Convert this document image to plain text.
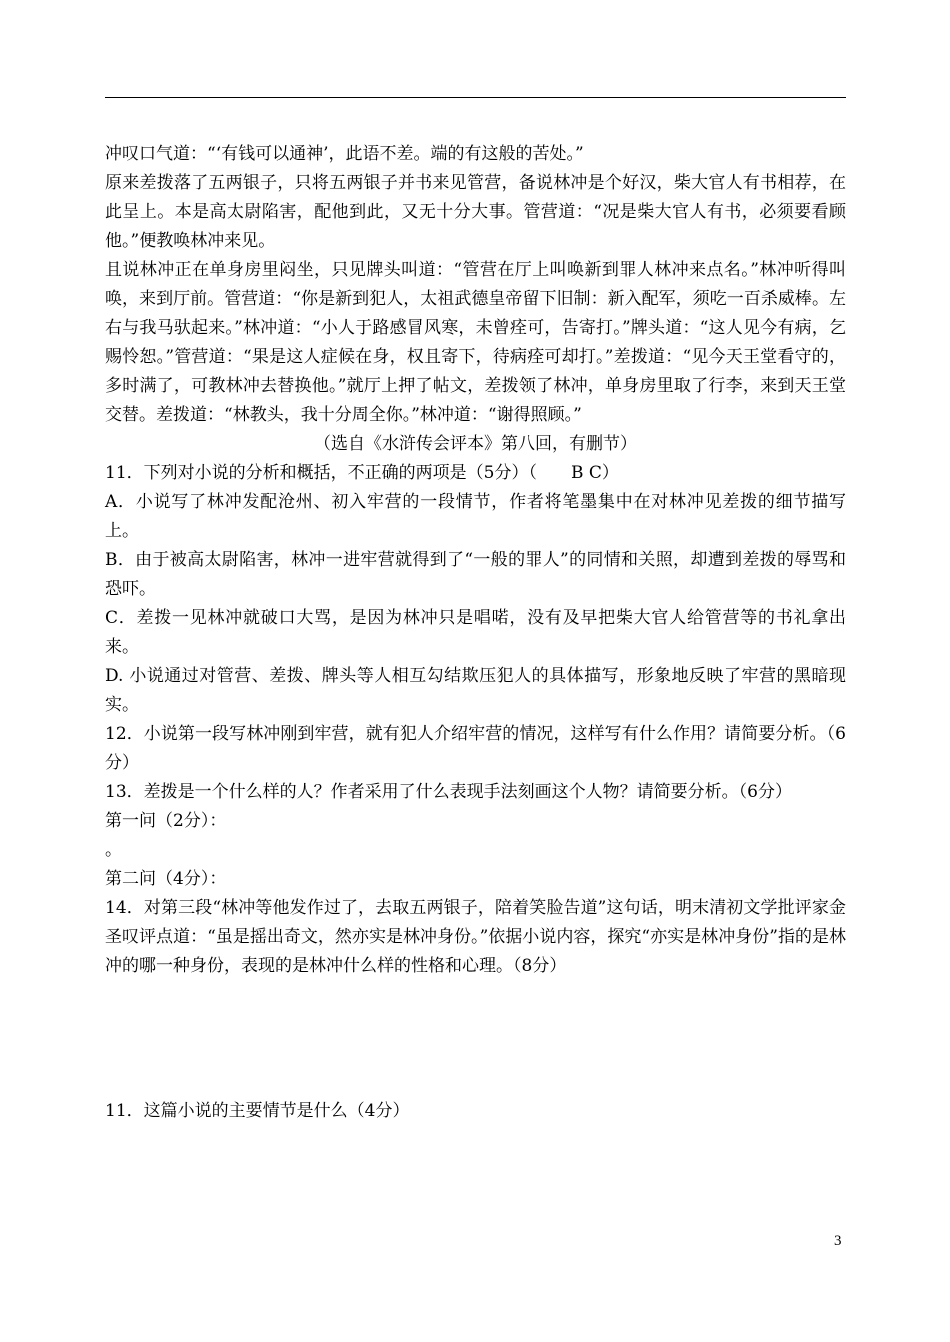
冲叹口气道：“‘有钱可以通神’，此语不差。端的有这般的苦处。”

原来差拨落了五两银子，只将五两银子并书来见管营，备说林冲是个好汉，柴大官人有书相荐，在此呈上。本是高太尉陷害，配他到此，又无十分大事。管营道：“况是柴大官人有书，必须要看顾他。”便教唤林冲来见。

且说林冲正在单身房里闷坐，只见牌头叫道：“管营在厅上叫唤新到罪人林冲来点名。”林冲听得叫唤，来到厅前。管营道：“你是新到犯人，太祖武德皇帝留下旧制：新入配军，须吃一百杀威棒。左右与我马驮起来。”林冲道：“小人于路感冒风寒，未曾痊可，告寄打。”牌头道：“这人见今有病，乞赐怜恕。”管营道：“果是这人症候在身，权且寄下，待病痊可却打。”差拨道：“见今天王堂看守的，多时满了，可教林冲去替换他。”就厅上押了帖文，差拨领了林冲，单身房里取了行李，来到天王堂交替。差拨道：“林教头，我十分周全你。”林冲道：“谢得照顾。”

（选自《水浒传会评本》第八回，有删节）

11．下列对小说的分析和概括，不正确的两项是（5分）（　　B C）

A．小说写了林冲发配沧州、初入牢营的一段情节，作者将笔墨集中在对林冲见差拨的细节描写上。

B．由于被高太尉陷害，林冲一进牢营就得到了“一般的罪人”的同情和关照，却遭到差拨的辱骂和恐吓。

C．差拨一见林冲就破口大骂，是因为林冲只是唱喏，没有及早把柴大官人给管营等的书礼拿出来。

D. 小说通过对管营、差拨、牌头等人相互勾结欺压犯人的具体描写，形象地反映了牢营的黑暗现实。

12．小说第一段写林冲刚到牢营，就有犯人介绍牢营的情况，这样写有什么作用？请简要分析。（6分）

13．差拨是一个什么样的人？作者采用了什么表现手法刻画这个人物？请简要分析。（6分）

第一问（2分）：

。

第二问（4分）：

14．对第三段“林冲等他发作过了，去取五两银子，陪着笑脸告道”这句话，明末清初文学批评家金圣叹评点道：“虽是摇出奇文，然亦实是林冲身份。”依据小说内容，探究“亦实是林冲身份”指的是林冲的哪一种身份，表现的是林冲什么样的性格和心理。（8分）

11．这篇小说的主要情节是什么（4分）

3
